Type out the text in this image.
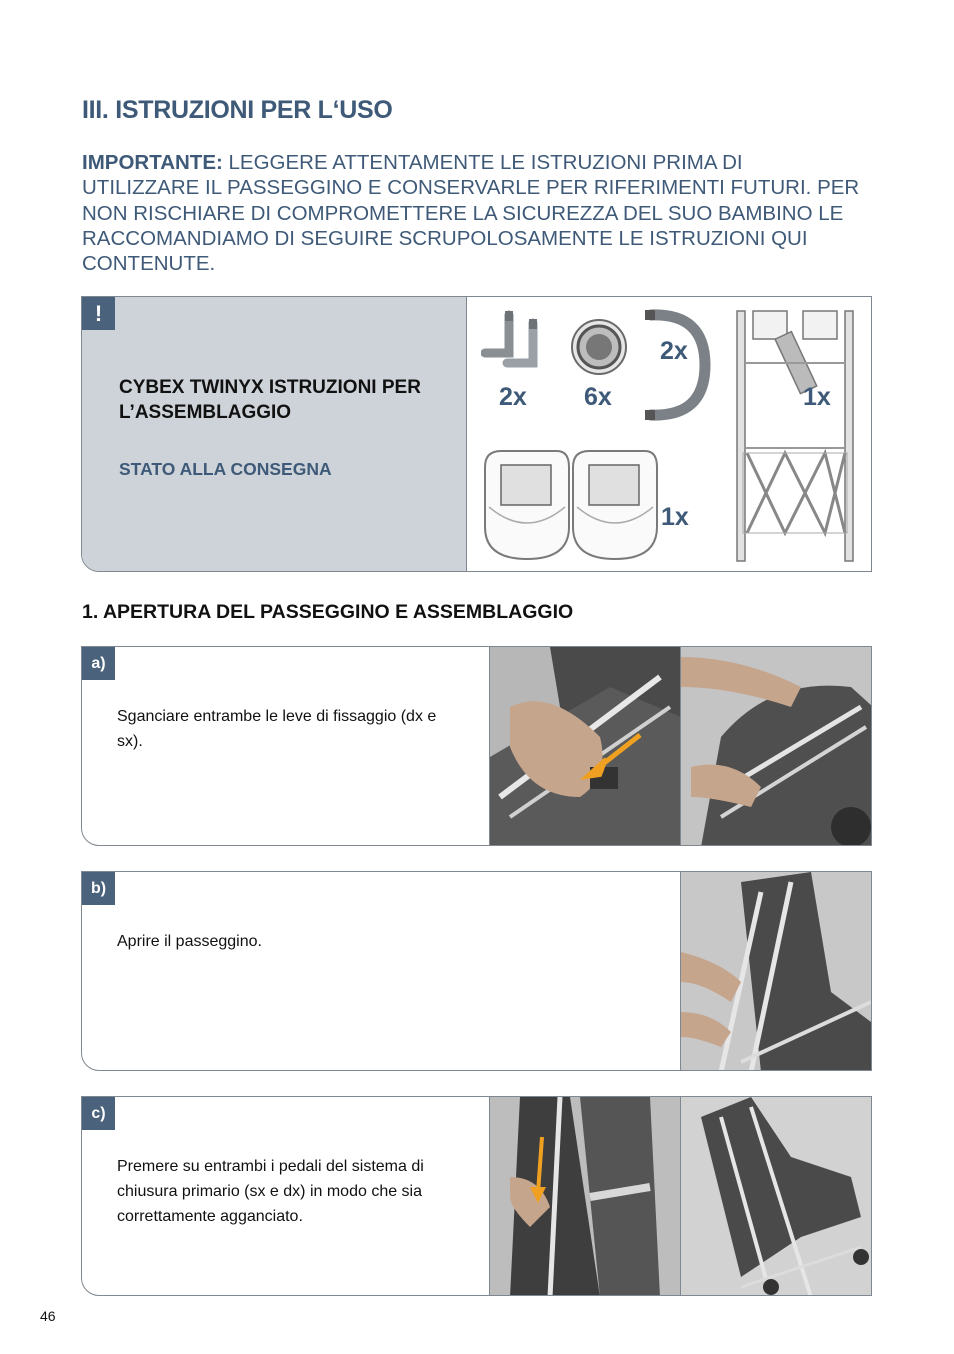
III. ISTRUZIONI PER L‘USO

IMPORTANTE: LEGGERE ATTENTAMENTE LE ISTRUZIONI PRIMA DI UTILIZZARE IL PASSEGGINO E CONSERVARLE PER RIFERIMENTI FUTURI. PER NON RISCHIARE DI COMPROMETTERE LA SICUREZZA DEL SUO BAMBINO LE RACCOMANDIAMO DI SEGUIRE SCRUPOLOSAMENTE LE ISTRUZIONI QUI CONTENUTE.

!
CYBEX TWINYX ISTRUZIONI PER L’ASSEMBLAGGIO
STATO ALLA CONSEGNA
2x 6x
2x
1x
1x
1. APERTURA DEL PASSEGGINO E ASSEMBLAGGIO
a)
Sganciare entrambe le leve di fissaggio (dx e sx).
b)
Aprire il passeggino.
c)
Premere su entrambi i pedali del sistema di chiusura primario (sx e dx) in modo che sia correttamente agganciato.
46
